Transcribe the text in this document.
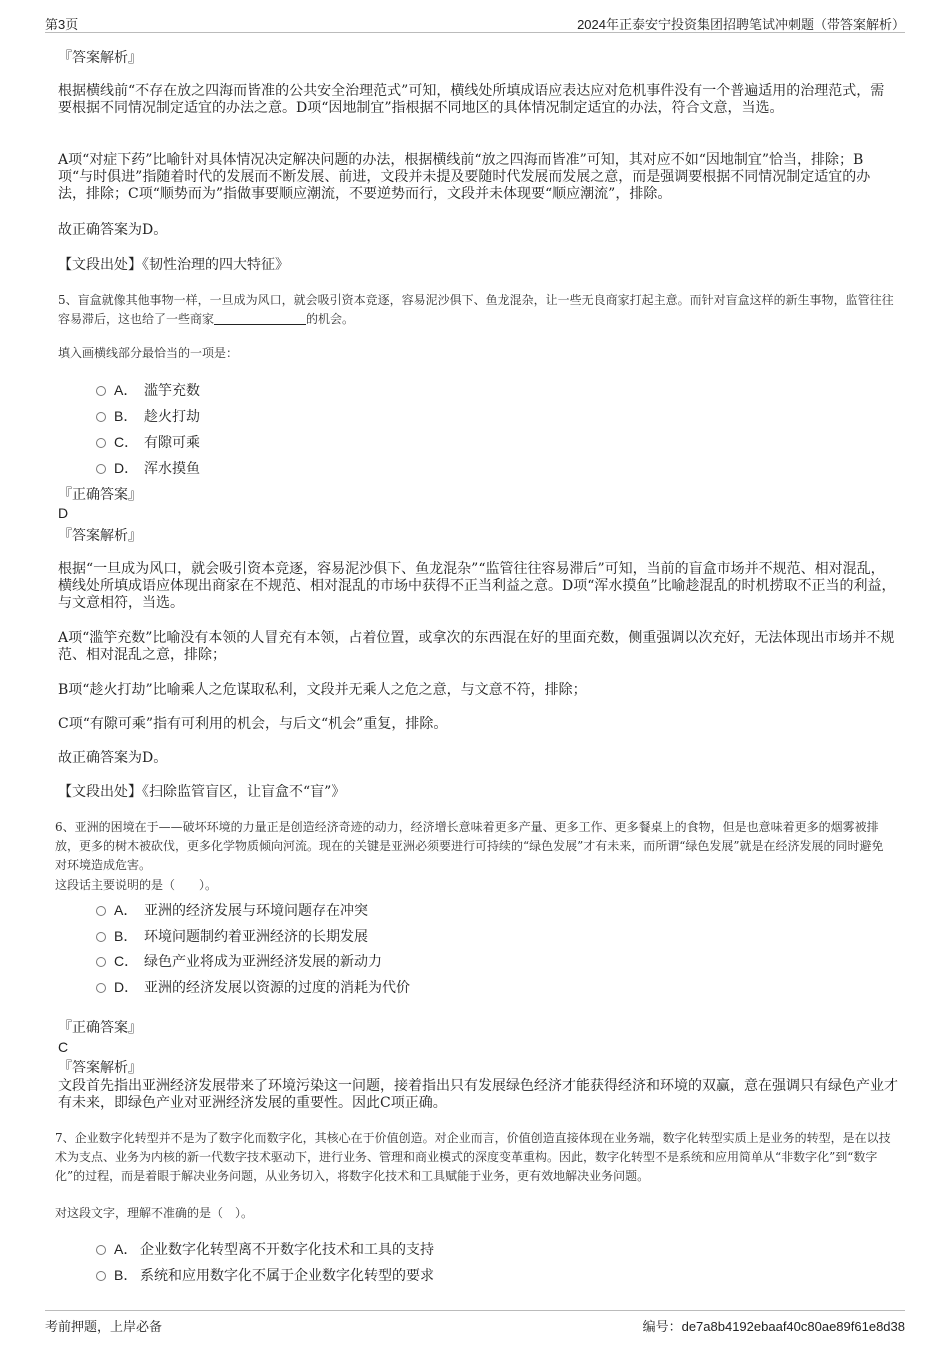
第3页	2024年正泰安宁投资集团招聘笔试冲刺题（带答案解析）

『答案解析』

根据横线前“不存在放之四海而皆准的公共安全治理范式”可知，横线处所填成语应表达应对危机事件没有一个普遍适用的治理范式，需要根据不同情况制定适宜的办法之意。D项“因地制宜”指根据不同地区的具体情况制定适宜的办法，符合文意，当选。

A项“对症下药”比喻针对具体情况决定解决问题的办法，根据横线前“放之四海而皆准”可知，其对应不如“因地制宜”恰当，排除；B项“与时俱进”指随着时代的发展而不断发展、前进，文段并未提及要随时代发展而发展之意，而是强调要根据不同情况制定适宜的办法，排除；C项“顺势而为”指做事要顺应潮流，不要逆势而行，文段并未体现要“顺应潮流”，排除。

故正确答案为D。

【文段出处】《韧性治理的四大特征》

5、盲盒就像其他事物一样，一旦成为风口，就会吸引资本竞逐，容易泥沙俱下、鱼龙混杂，让一些无良商家打起主意。而针对盲盒这样的新生事物，监管往往容易滞后，这也给了一些商家	的机会。

填入画横线部分最恰当的一项是：

A． 滥竽充数
B． 趁火打劫
C． 有隙可乘
D． 浑水摸鱼

『正确答案』

D

『答案解析』

根据“一旦成为风口，就会吸引资本竞逐，容易泥沙俱下、鱼龙混杂”“监管往往容易滞后”可知，当前的盲盒市场并不规范、相对混乱，横线处所填成语应体现出商家在不规范、相对混乱的市场中获得不正当利益之意。D项“浑水摸鱼”比喻趁混乱的时机捞取不正当的利益，与文意相符，当选。

A项“滥竽充数”比喻没有本领的人冒充有本领，占着位置，或拿次的东西混在好的里面充数，侧重强调以次充好，无法体现出市场并不规范、相对混乱之意，排除；

B项“趁火打劫”比喻乘人之危谋取私利，文段并无乘人之危之意，与文意不符，排除；

C项“有隙可乘”指有可利用的机会，与后文“机会”重复，排除。

故正确答案为D。

【文段出处】《扫除监管盲区，让盲盒不“盲”》

6、亚洲的困境在于——破坏环境的力量正是创造经济奇迹的动力，经济增长意味着更多产量、更多工作、更多餐桌上的食物，但是也意味着更多的烟雾被排放，更多的树木被砍伐，更多化学物质倾向河流。现在的关键是亚洲必须要进行可持续的“绿色发展”才有未来，而所谓“绿色发展”就是在经济发展的同时避免对环境造成危害。

这段话主要说明的是（　　）。

A． 亚洲的经济发展与环境问题存在冲突
B． 环境问题制约着亚洲经济的长期发展
C． 绿色产业将成为亚洲经济发展的新动力
D． 亚洲的经济发展以资源的过度的消耗为代价

『正确答案』

C

『答案解析』

文段首先指出亚洲经济发展带来了环境污染这一问题，接着指出只有发展绿色经济才能获得经济和环境的双赢，意在强调只有绿色产业才有未来，即绿色产业对亚洲经济发展的重要性。因此C项正确。

7、企业数字化转型并不是为了数字化而数字化，其核心在于价值创造。对企业而言，价值创造直接体现在业务端，数字化转型实质上是业务的转型，是在以技术为支点、业务为内核的新一代数字技术驱动下，进行业务、管理和商业模式的深度变革重构。因此，数字化转型不是系统和应用简单从“非数字化”到“数字化”的过程，而是着眼于解决业务问题，从业务切入，将数字化技术和工具赋能于业务，更有效地解决业务问题。

对这段文字，理解不准确的是（　）。

A． 企业数字化转型离不开数字化技术和工具的支持
B． 系统和应用数字化不属于企业数字化转型的要求
考前押题，上岸必备	编号：de7a8b4192ebaaf40c80ae89f61e8d38
